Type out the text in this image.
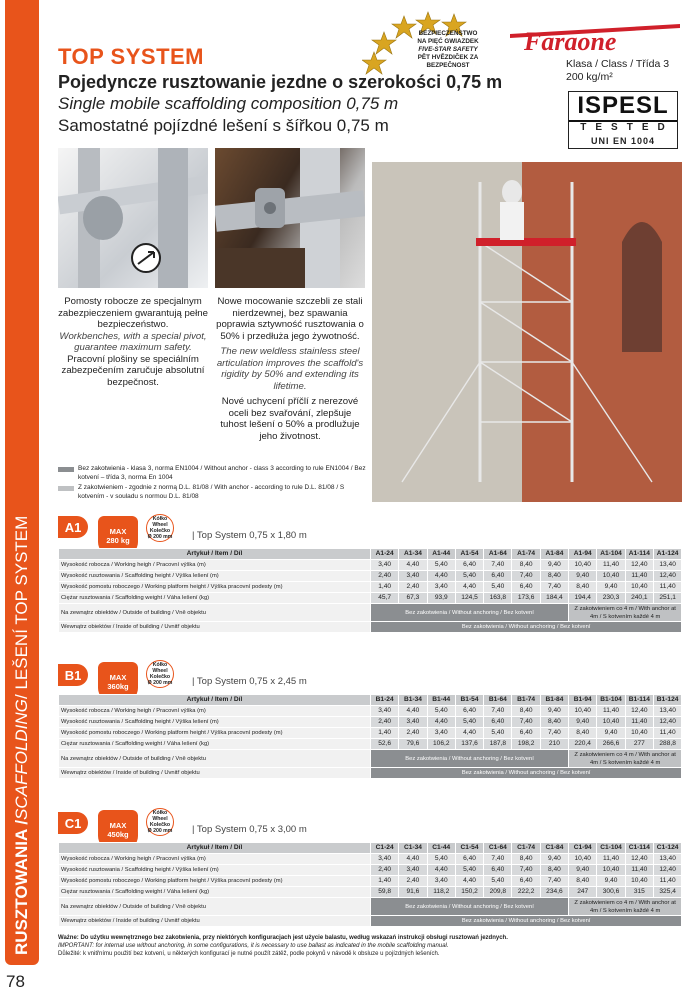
RUSZTOWANIA /
SCAFFOLDING
/ LEŠENÍ TOP SYSTEM
78
TOP SYSTEM
Pojedyncze rusztowanie jezdne o szerokości 0,75 m
Single mobile scaffolding composition 0,75 m
Samostatné pojízdné lešení s šířkou 0,75 m
BEZPIECZEŃSTWO
NA PIĘĆ GWIAZDEK
FIVE-STAR SAFETY
PĚT HVĚZDIČEK ZA BEZPEČNOST
Faraone
Klasa / Class / Třída 3
200 kg/m²
ISPESL
TESTED
UNI EN 1004
Pomosty robocze ze specjalnym zabezpieczeniem gwarantują pełne bezpieczeństwo.
Workbenches, with a special pivot, guarantee maximum safety.
Pracovní plošiny se speciálním zabezpečením zaručuje absolutní bezpečnost.
Nowe mocowanie szczebli ze stali nierdzewnej, bez spawania poprawia sztywność rusztowania o 50% i przedłuża jego żywotność.
The new weldless stainless steel articulation improves the scaffold's rigidity by 50% and extending its lifetime.
Nové uchycení příčlí z nerezové oceli bez svařování, zlepšuje tuhost lešení o 50% a prodlužuje jeho životnost.
Bez zakotwienia - klasa 3, norma EN1004 / Without anchor - class 3 according to rule EN1004 / Bez kotvení – třída 3, norma En 1004
Z zakotwieniem - zgodnie z normą D.L. 81/08 / With anchor - according to rule D.L. 81/08 / S kotvením - v souladu s normou D.L. 81/08
A1	MAX
280 kg
Kółko
Wheel
Kolečko
Ø 200 mm | Top System 0,75 x 1,80 m
Artykuł / Item / Díl	A1-24	A1-34	A1-44	A1-54	A1-64	A1-74	A1-84	A1-94	A1-104	A1-114	A1-124
Wysokość robocza / Working heigh / Pracovní výška (m)	3,40	4,40	5,40	6,40	7,40	8,40	9,40	10,40	11,40	12,40	13,40
Wysokość rusztowania / Scaffolding height / Výška lešení (m)	2,40	3,40	4,40	5,40	6,40	7,40	8,40	9,40	10,40	11,40	12,40
Wysokość pomostu roboczego / Working platform height / Výška pracovní podesty (m)	1,40	2,40	3,40	4,40	5,40	6,40	7,40	8,40	9,40	10,40	11,40
Ciężar rusztowania / Scaffolding weight / Váha lešení (kg)	45,7	67,3	93,9	124,5	163,8	173,6	184,4	194,4	230,3	240,1	251,1
Na zewnątrz obiektów / Outside of building / Vně objektu	Bez zakotwienia / Without anchoring / Bez kotvení							Z zakotwieniem co 4 m / With anchor at 4m / S kotvením každé 4 m			
Wewnątrz obiektów / Inside of building / Uvnitř objektu	Bez zakotwienia / Without anchoring / Bez kotvení										
B1	MAX
360kg
Kółko
Wheel
Kolečko
Ø 200 mm | Top System 0,75 x 2,45 m
Artykuł / Item / Díl	B1-24	B1-34	B1-44	B1-54	B1-64	B1-74	B1-84	B1-94	B1-104	B1-114	B1-124
Wysokość robocza / Working heigh / Pracovní výška (m)	3,40	4,40	5,40	6,40	7,40	8,40	9,40	10,40	11,40	12,40	13,40
Wysokość rusztowania / Scaffolding height / Výška lešení (m)	2,40	3,40	4,40	5,40	6,40	7,40	8,40	9,40	10,40	11,40	12,40
Wysokość pomostu roboczego / Working platform height / Výška pracovní podesty (m)	1,40	2,40	3,40	4,40	5,40	6,40	7,40	8,40	9,40	10,40	11,40
Ciężar rusztowania / Scaffolding weight / Váha lešení (kg)	52,6	79,6	106,2	137,6	187,8	198,2	210	220,4	266,6	277	288,8
Na zewnątrz obiektów / Outside of building / Vně objektu	Bez zakotwienia / Without anchoring / Bez kotvení							Z zakotwieniem co 4 m / With anchor at 4m / S kotvením každé 4 m			
Wewnątrz obiektów / Inside of building / Uvnitř objektu	Bez zakotwienia / Without anchoring / Bez kotvení										
C1	MAX
450kg
Kółko
Wheel
Kolečko
Ø 200 mm | Top System 0,75 x 3,00 m
Artykuł / Item / Díl	C1-24	C1-34	C1-44	C1-54	C1-64	C1-74	C1-84	C1-94	C1-104	C1-114	C1-124
Wysokość robocza / Working heigh / Pracovní výška (m)	3,40	4,40	5,40	6,40	7,40	8,40	9,40	10,40	11,40	12,40	13,40
Wysokość rusztowania / Scaffolding height / Výška lešení (m)	2,40	3,40	4,40	5,40	6,40	7,40	8,40	9,40	10,40	11,40	12,40
Wysokość pomostu roboczego / Working platform height / Výška pracovní podesty (m)	1,40	2,40	3,40	4,40	5,40	6,40	7,40	8,40	9,40	10,40	11,40
Ciężar rusztowania / Scaffolding weight / Váha lešení (kg)	59,8	91,6	118,2	150,2	209,8	222,2	234,6	247	300,6	315	325,4
Na zewnątrz obiektów / Outside of building / Vně objektu	Bez zakotwienia / Without anchoring / Bez kotvení							Z zakotwieniem co 4 m / With anchor at 4m / S kotvením každé 4 m			
Wewnątrz obiektów / Inside of building / Uvnitř objektu	Bez zakotwienia / Without anchoring / Bez kotvení										
Ważne: Do użytku wewnętrznego bez zakotwienia, przy niektórych konfiguracjach jest użycie balastu, według wskazań instrukcji obsługi rusztowań jezdnych.
IMPORTANT: for internal use without anchoring, in some configurations, it is necessary to use ballast as indicated in the mobile scaffolding manual.
Důležité: k vnitřnímu použití bez kotvení, u některých konfigurací je nutné použít zátěž, podle pokynů v návodě k obsluze u pojízdných lešeních.
